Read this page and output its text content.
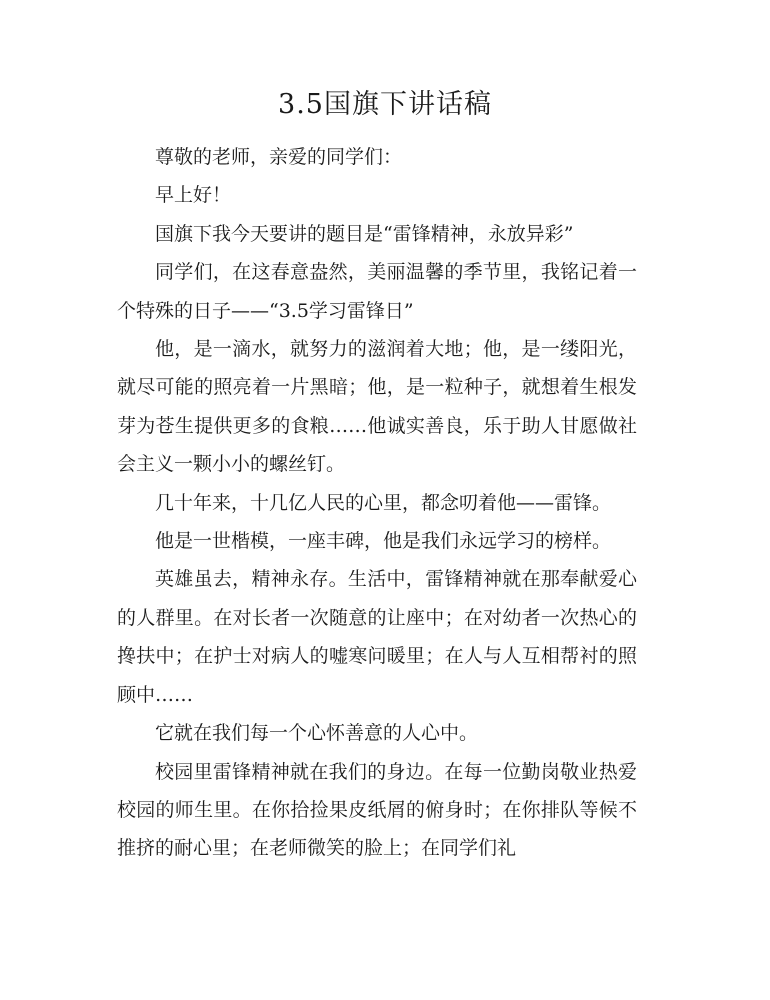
3.5国旗下讲话稿

尊敬的老师，亲爱的同学们：

早上好！

国旗下我今天要讲的题目是“雷锋精神，永放异彩”

同学们，在这春意盎然，美丽温馨的季节里，我铭记着一个特殊的日子——“3.5学习雷锋日”

他，是一滴水，就努力的滋润着大地；他，是一缕阳光，就尽可能的照亮着一片黑暗；他，是一粒种子，就想着生根发芽为苍生提供更多的食粮……他诚实善良，乐于助人甘愿做社会主义一颗小小的螺丝钉。

几十年来，十几亿人民的心里，都念叨着他——雷锋。

他是一世楷模，一座丰碑，他是我们永远学习的榜样。

英雄虽去，精神永存。生活中，雷锋精神就在那奉献爱心的人群里。在对长者一次随意的让座中；在对幼者一次热心的搀扶中；在护士对病人的嘘寒问暖里；在人与人互相帮衬的照顾中……

它就在我们每一个心怀善意的人心中。

校园里雷锋精神就在我们的身边。在每一位勤岗敬业热爱校园的师生里。在你拾捡果皮纸屑的俯身时；在你排队等候不推挤的耐心里；在老师微笑的脸上；在同学们礼
